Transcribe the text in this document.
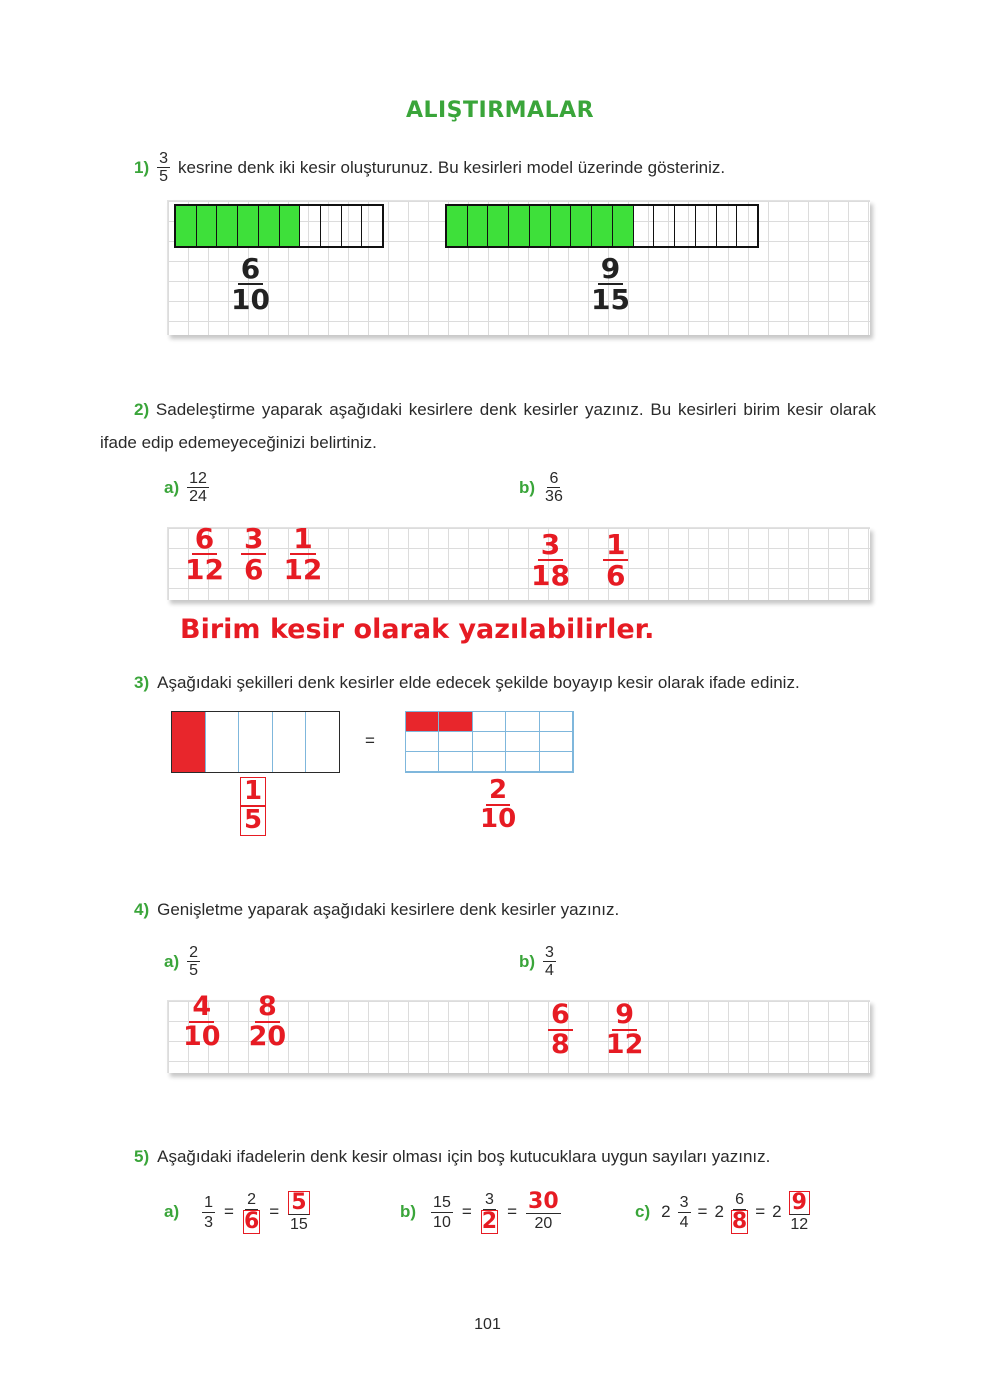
ALIŞTIRMALAR
$1) \frac{3}{5}$ kesrine denk iki kesir oluşturunuz. Bu kesirleri model üzerinde gösteriniz.
6
10
9
15
2) Sadeleştirme yaparak aşağıdaki kesirlere denk kesirler yazınız. Bu kesirleri birim kesir olarak ifade edip edemeyeceğinizi belirtiniz.
$a) \frac{12}{24}$	$b) \frac{6}{36}$
6
12
3
6
1
12
3
18
1
6
Birim kesir olarak yazılabilirler.
3) Aşağıdaki şekilleri denk kesirler elde edecek şekilde boyayıp kesir olarak ifade ediniz.
=
1
5
2
10
4) Genişletme yaparak aşağıdaki kesirlere denk kesirler yazınız.
$a) \frac{2}{5}$	$b) \frac{3}{4}$
4
10
8
20
6
8
9
12
5) Aşağıdaki ifadelerin denk kesir olması için boş kutucuklara uygun sayıları yazınız.
$a) \frac{1}{3}$ =
2
6 = 5
15
$b) \frac{15}{10}$ =
3
2 = 30
20
c) $2 \frac{3}{4} = 2$
6
8 = 2 9
12
101
